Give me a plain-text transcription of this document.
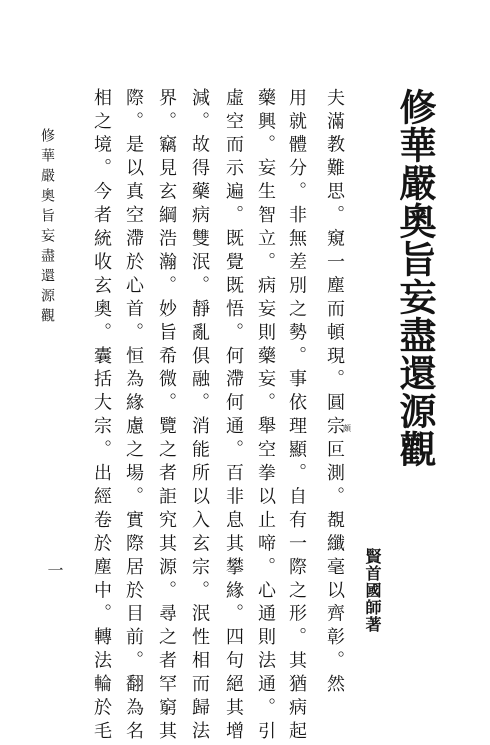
修華嚴奧旨妄盡還源觀
賢首國師著
夫滿教難思。窺一塵而頓現。圓宗叵測。覩纖毫以齊彰。然
用就體分。非無差別之勢。事依理顯。自有一際之形。其猶病起
藥興。妄生智立。病妄則藥妄。舉空拳以止啼。心通則法通。引
虛空而示遍。既覺既悟。何滯何通。百非息其攀緣。四句絕其增
減。故得藥病雙泯。靜亂俱融。消能所以入玄宗。泯性相而歸法
界。竊見玄綱浩瀚。妙旨希微。覽之者詎究其源。尋之者罕窮其
際。是以真空滯於心首。恒為緣慮之場。實際居於目前。翻為名
相之境。今者統收玄奧。囊括大宗。出經卷於塵中。轉法輪於毛	頗
修華嚴奧旨妄盡還源觀
一
